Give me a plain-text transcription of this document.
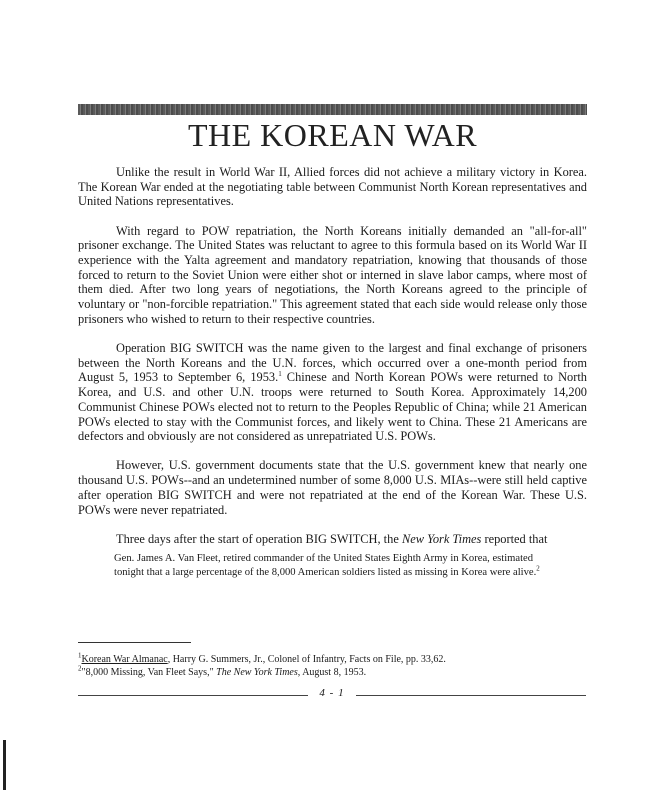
THE KOREAN WAR

Unlike the result in World War II, Allied forces did not achieve a military victory in Korea. The Korean War ended at the negotiating table between Communist North Korean representatives and United Nations representatives.

With regard to POW repatriation, the North Koreans initially demanded an "all-for-all" prisoner exchange. The United States was reluctant to agree to this formula based on its World War II experience with the Yalta agreement and mandatory repatriation, knowing that thousands of those forced to return to the Soviet Union were either shot or interned in slave labor camps, where most of them died. After two long years of negotiations, the North Koreans agreed to the principle of voluntary or "non-forcible repatriation." This agreement stated that each side would release only those prisoners who wished to return to their respective countries.

Operation BIG SWITCH was the name given to the largest and final exchange of prisoners between the North Koreans and the U.N. forces, which occurred over a one-month period from August 5, 1953 to September 6, 1953.$^1$ Chinese and North Korean POWs were returned to North Korea, and U.S. and other U.N. troops were returned to South Korea. Approximately 14,200 Communist Chinese POWs elected not to return to the Peoples Republic of China; while 21 American POWs elected to stay with the Communist forces, and likely went to China. These 21 Americans are defectors and obviously are not considered as unrepatriated U.S. POWs.

However, U.S. government documents state that the U.S. government knew that nearly one thousand U.S. POWs--and an undetermined number of some 8,000 U.S. MIAs--were still held captive after operation BIG SWITCH and were not repatriated at the end of the Korean War. These U.S. POWs were never repatriated.

Three days after the start of operation BIG SWITCH, the New York Times reported that

Gen. James A. Van Fleet, retired commander of the United States Eighth Army in Korea, estimated tonight that a large percentage of the 8,000 American soldiers listed as missing in Korea were alive.$^2$
$^1$Korean War Almanac, Harry G. Summers, Jr., Colonel of Infantry, Facts on File, pp. 33,62.
$^2$"8,000 Missing, Van Fleet Says," The New York Times, August 8, 1953.
4 - 1
